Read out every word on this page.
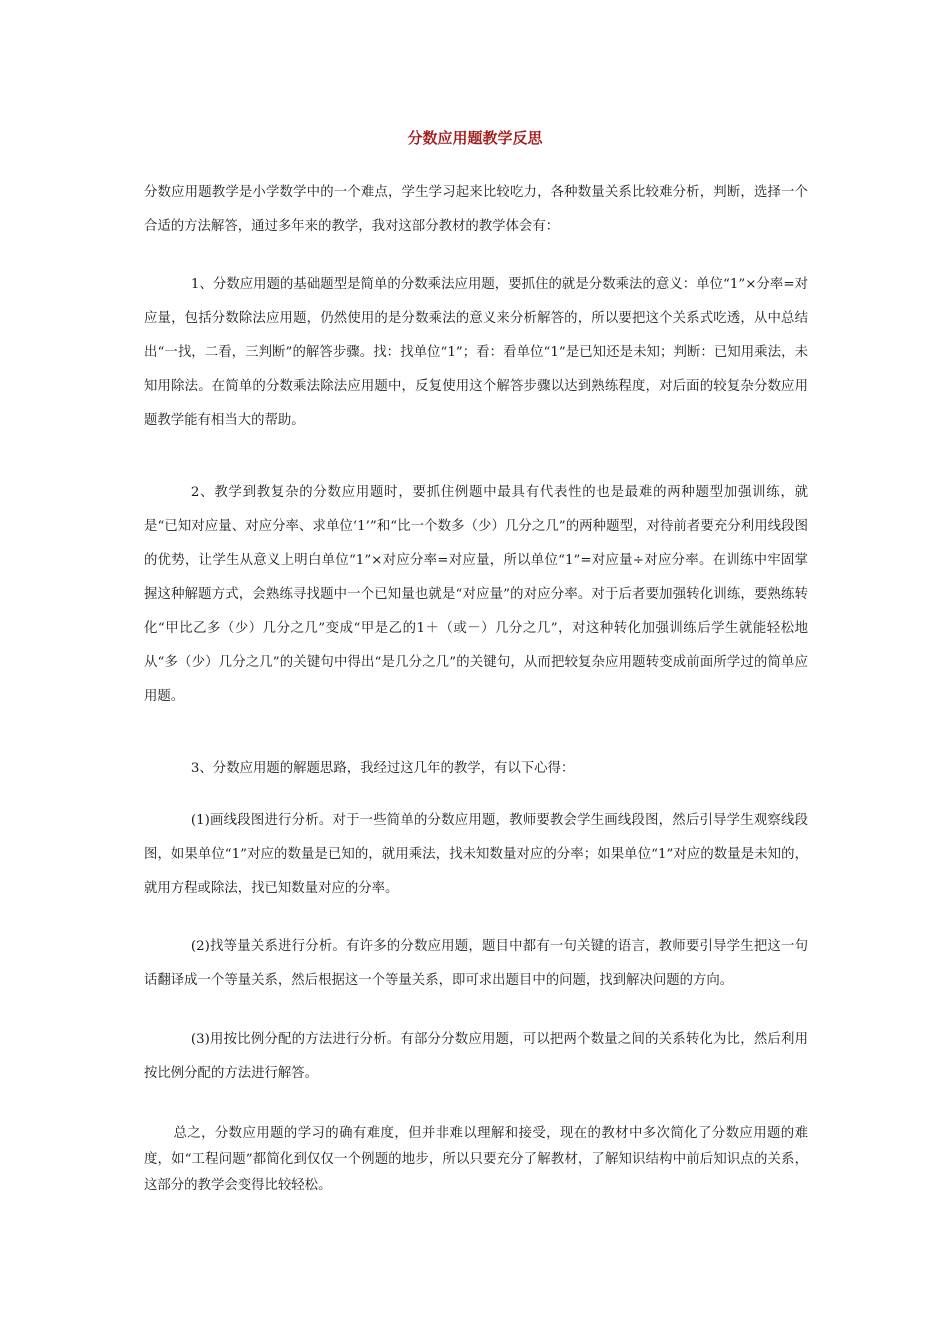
分数应用题教学反思

分数应用题教学是小学数学中的一个难点，学生学习起来比较吃力，各种数量关系比较难分析，判断，选择一个合适的方法解答，通过多年来的教学，我对这部分教材的教学体会有：

1、分数应用题的基础题型是简单的分数乘法应用题，要抓住的就是分数乘法的意义：单位“1”×分率=对应量，包括分数除法应用题，仍然使用的是分数乘法的意义来分析解答的，所以要把这个关系式吃透，从中总结出“一找，二看，三判断”的解答步骤。找：找单位“1”；看：看单位“1”是已知还是未知；判断：已知用乘法，未知用除法。在简单的分数乘法除法应用题中，反复使用这个解答步骤以达到熟练程度，对后面的较复杂分数应用题教学能有相当大的帮助。

2、教学到教复杂的分数应用题时，要抓住例题中最具有代表性的也是最难的两种题型加强训练，就是“已知对应量、对应分率、求单位‘1’”和“比一个数多（少）几分之几”的两种题型，对待前者要充分利用线段图的优势，让学生从意义上明白单位“1”×对应分率=对应量，所以单位“1”=对应量÷对应分率。在训练中牢固掌握这种解题方式，会熟练寻找题中一个已知量也就是“对应量”的对应分率。对于后者要加强转化训练，要熟练转化“甲比乙多（少）几分之几”变成“甲是乙的1＋（或－）几分之几”，对这种转化加强训练后学生就能轻松地从“多（少）几分之几”的关键句中得出“是几分之几”的关键句，从而把较复杂应用题转变成前面所学过的简单应用题。

3、分数应用题的解题思路，我经过这几年的教学，有以下心得：

(1)画线段图进行分析。对于一些简单的分数应用题，教师要教会学生画线段图，然后引导学生观察线段图，如果单位“1”对应的数量是已知的，就用乘法，找未知数量对应的分率；如果单位“1”对应的数量是未知的，就用方程或除法，找已知数量对应的分率。

(2)找等量关系进行分析。有许多的分数应用题，题目中都有一句关键的语言，教师要引导学生把这一句话翻译成一个等量关系，然后根据这一个等量关系，即可求出题目中的问题，找到解决问题的方向。

(3)用按比例分配的方法进行分析。有部分分数应用题，可以把两个数量之间的关系转化为比，然后利用按比例分配的方法进行解答。

总之，分数应用题的学习的确有难度，但并非难以理解和接受，现在的教材中多次简化了分数应用题的难度，如“工程问题”都简化到仅仅一个例题的地步，所以只要充分了解教材，了解知识结构中前后知识点的关系，这部分的教学会变得比较轻松。
